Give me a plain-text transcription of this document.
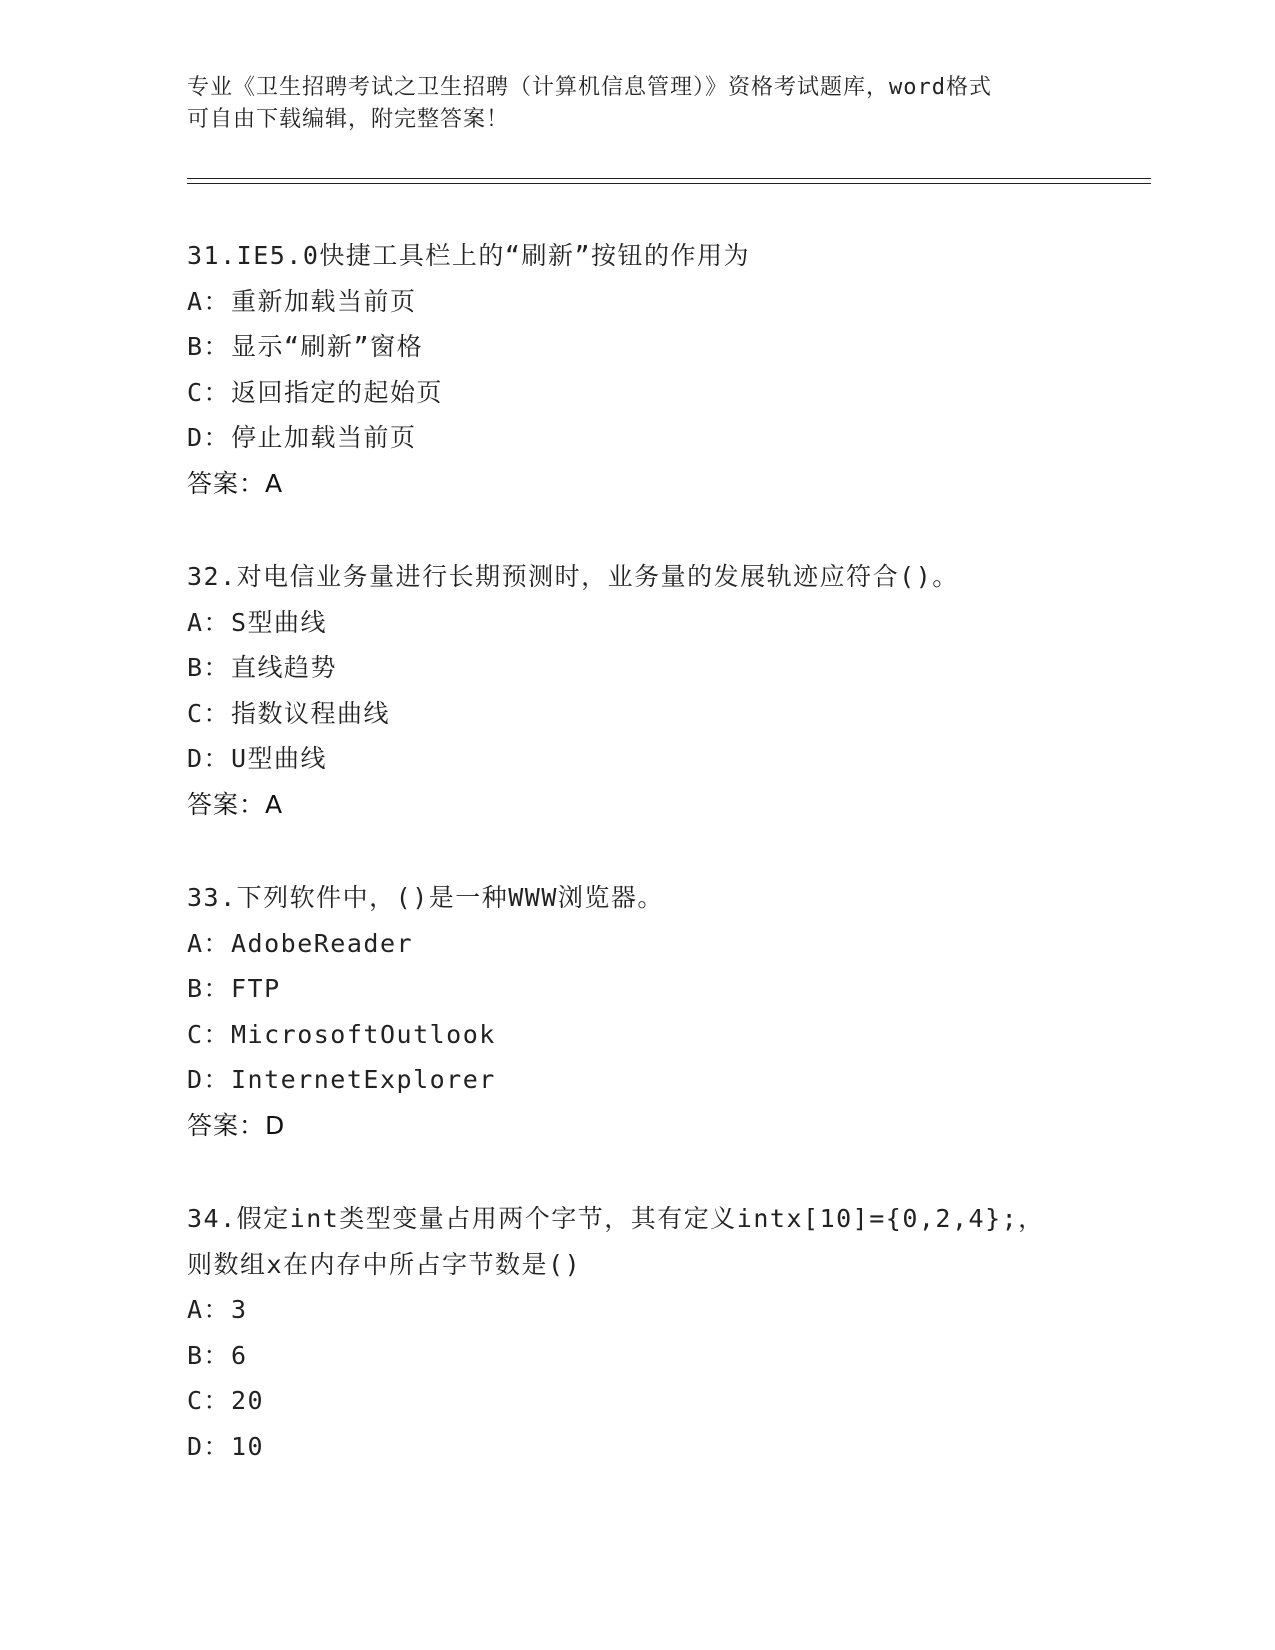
专业《卫生招聘考试之卫生招聘（计算机信息管理）》资格考试题库，word格式
可自由下载编辑，附完整答案！
31.IE5.0快捷工具栏上的“刷新”按钮的作用为
A：重新加载当前页
B：显示“刷新”窗格
C：返回指定的起始页
D：停止加载当前页
答案：A
32.对电信业务量进行长期预测时，业务量的发展轨迹应符合()。
A：S型曲线
B：直线趋势
C：指数议程曲线
D：U型曲线
答案：A
33.下列软件中，()是一种WWW浏览器。
A：AdobeReader
B：FTP
C：MicrosoftOutlook
D：InternetExplorer
答案：D
34.假定int类型变量占用两个字节，其有定义intx[10]={0,2,4};，
则数组x在内存中所占字节数是()
A：3
B：6
C：20
D：10
